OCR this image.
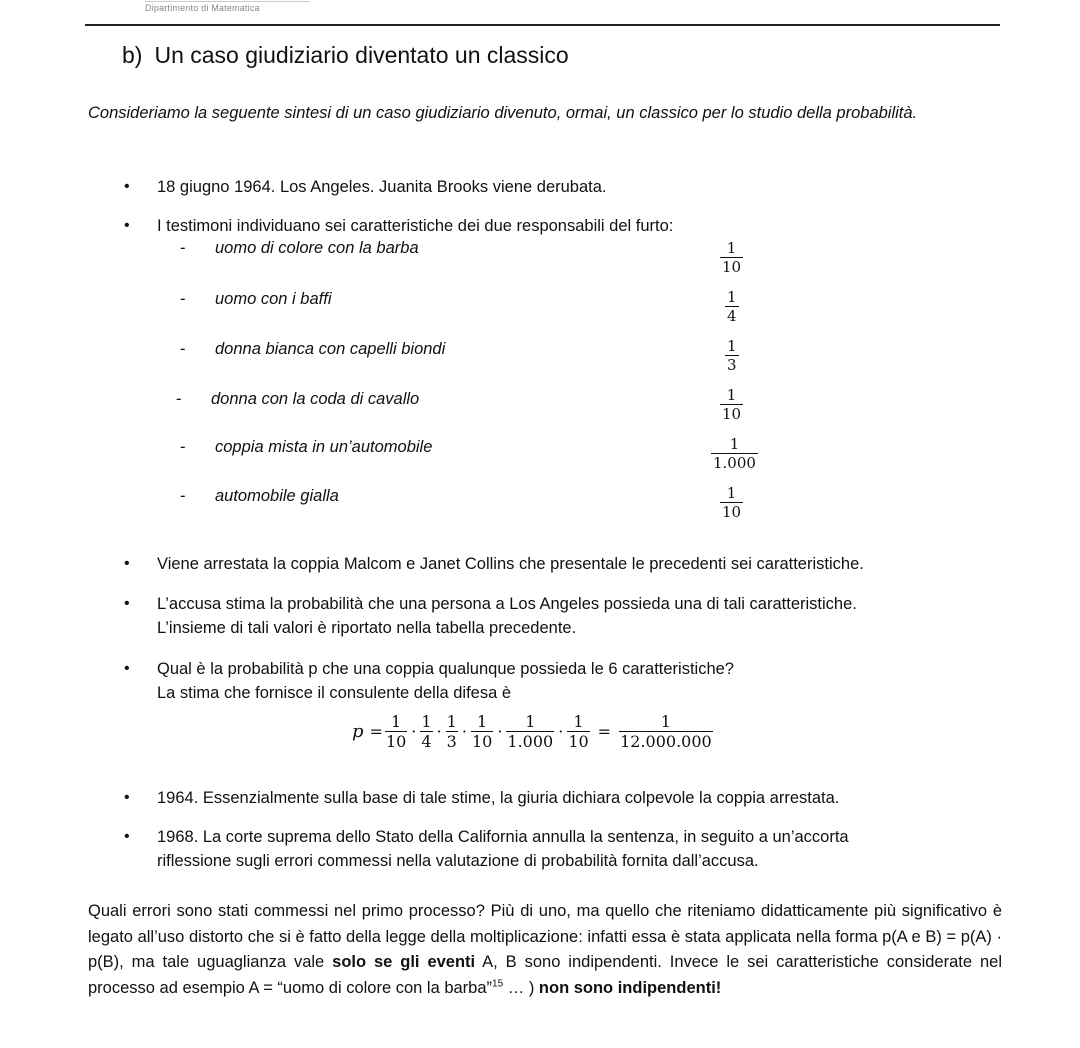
Dipartimento di Matematica
b) Un caso giudiziario diventato un classico
Consideriamo la seguente sintesi di un caso giudiziario divenuto, ormai, un classico per lo studio della probabilità.
• 18 giugno 1964. Los Angeles. Juanita Brooks viene derubata.
• I testimoni individuano sei caratteristiche dei due responsabili del furto:
- uomo di colore con la barba	1
10
- uomo con i baffi	1
4
- donna bianca con capelli biondi	1
3
- donna con la coda di cavallo	1
10
- coppia mista in un’automobile	1
1.000
- automobile gialla	1
10
• Viene arrestata la coppia Malcom e Janet Collins che presentale le precedenti sei caratteristiche.
• L’accusa stima la probabilità che una persona a Los Angeles possieda una di tali caratteristiche.
L’insieme di tali valori è riportato nella tabella precedente.
• Qual è la probabilità p che una coppia qualunque possieda le 6 caratteristiche?
La stima che fornisce il consulente della difesa è
p =
1
10
·
1
4
·
1
3
·
1
10
·
1
1.000
·
1
10
=
1
12.000.000
• 1964. Essenzialmente sulla base di tale stime, la giuria dichiara colpevole la coppia arrestata.
• 1968. La corte suprema dello Stato della California annulla la sentenza, in seguito a un’accorta
riflessione sugli errori commessi nella valutazione di probabilità fornita dall’accusa.
Quali errori sono stati commessi nel primo processo? Più di uno, ma quello che riteniamo didatticamente più significativo è legato all’uso distorto che si è fatto della legge della moltiplicazione: infatti essa è stata applicata nella forma p(A e B) = p(A) · p(B), ma tale uguaglianza vale solo se gli eventi A, B sono indipendenti. Invece le sei caratteristiche considerate nel processo ad esempio A = “uomo di colore con la barba”$^{15}$ … ) non sono indipendenti!
